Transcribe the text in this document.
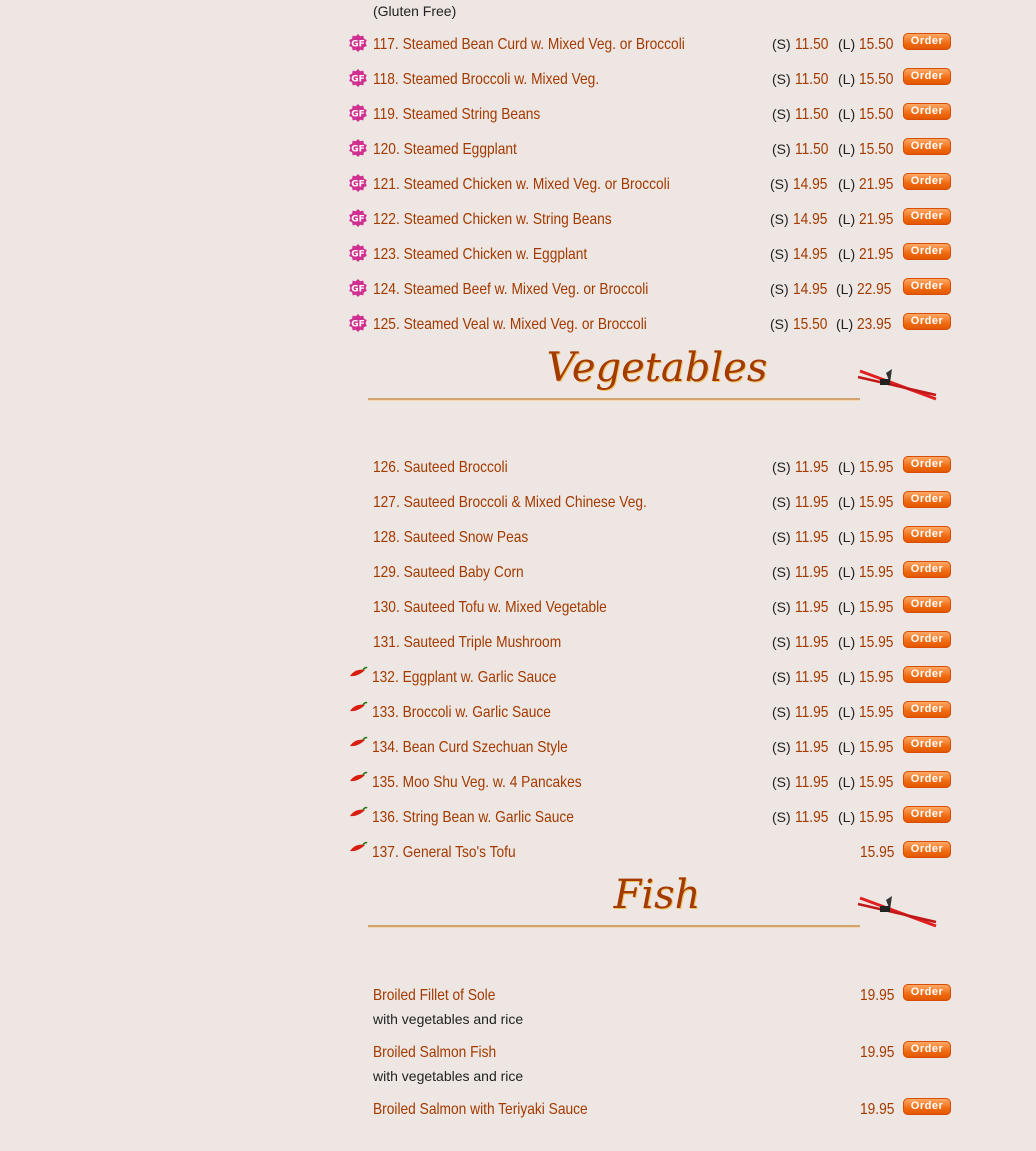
(Gluten Free)
GF 117. Steamed Bean Curd w. Mixed Veg. or Broccoli	(S) 11.50 (L) 15.50	Order
GF 118. Steamed Broccoli w. Mixed Veg.	(S) 11.50 (L) 15.50	Order
GF 119. Steamed String Beans	(S) 11.50 (L) 15.50	Order
GF 120. Steamed Eggplant	(S) 11.50 (L) 15.50	Order
GF 121. Steamed Chicken w. Mixed Veg. or Broccoli	(S) 14.95 (L) 21.95	Order
GF 122. Steamed Chicken w. String Beans	(S) 14.95 (L) 21.95	Order
GF 123. Steamed Chicken w. Eggplant	(S) 14.95 (L) 21.95	Order
GF 124. Steamed Beef w. Mixed Veg. or Broccoli	(S) 14.95 (L) 22.95	Order
GF 125. Steamed Veal w. Mixed Veg. or Broccoli	(S) 15.50 (L) 23.95	Order
Vegetables
126. Sauteed Broccoli	(S) 11.95 (L) 15.95	Order
127. Sauteed Broccoli & Mixed Chinese Veg.	(S) 11.95 (L) 15.95	Order
128. Sauteed Snow Peas	(S) 11.95 (L) 15.95	Order
129. Sauteed Baby Corn	(S) 11.95 (L) 15.95	Order
130. Sauteed Tofu w. Mixed Vegetable	(S) 11.95 (L) 15.95	Order
131. Sauteed Triple Mushroom	(S) 11.95 (L) 15.95	Order
132. Eggplant w. Garlic Sauce	(S) 11.95 (L) 15.95	Order
133. Broccoli w. Garlic Sauce	(S) 11.95 (L) 15.95	Order
134. Bean Curd Szechuan Style	(S) 11.95 (L) 15.95	Order
135. Moo Shu Veg. w. 4 Pancakes	(S) 11.95 (L) 15.95	Order
136. String Bean w. Garlic Sauce	(S) 11.95 (L) 15.95	Order
137. General Tso's Tofu	15.95	Order
Fish
Broiled Fillet of Sole
with vegetables and rice
19.95	Order
Broiled Salmon Fish
with vegetables and rice
19.95	Order
Broiled Salmon with Teriyaki Sauce	19.95	Order
